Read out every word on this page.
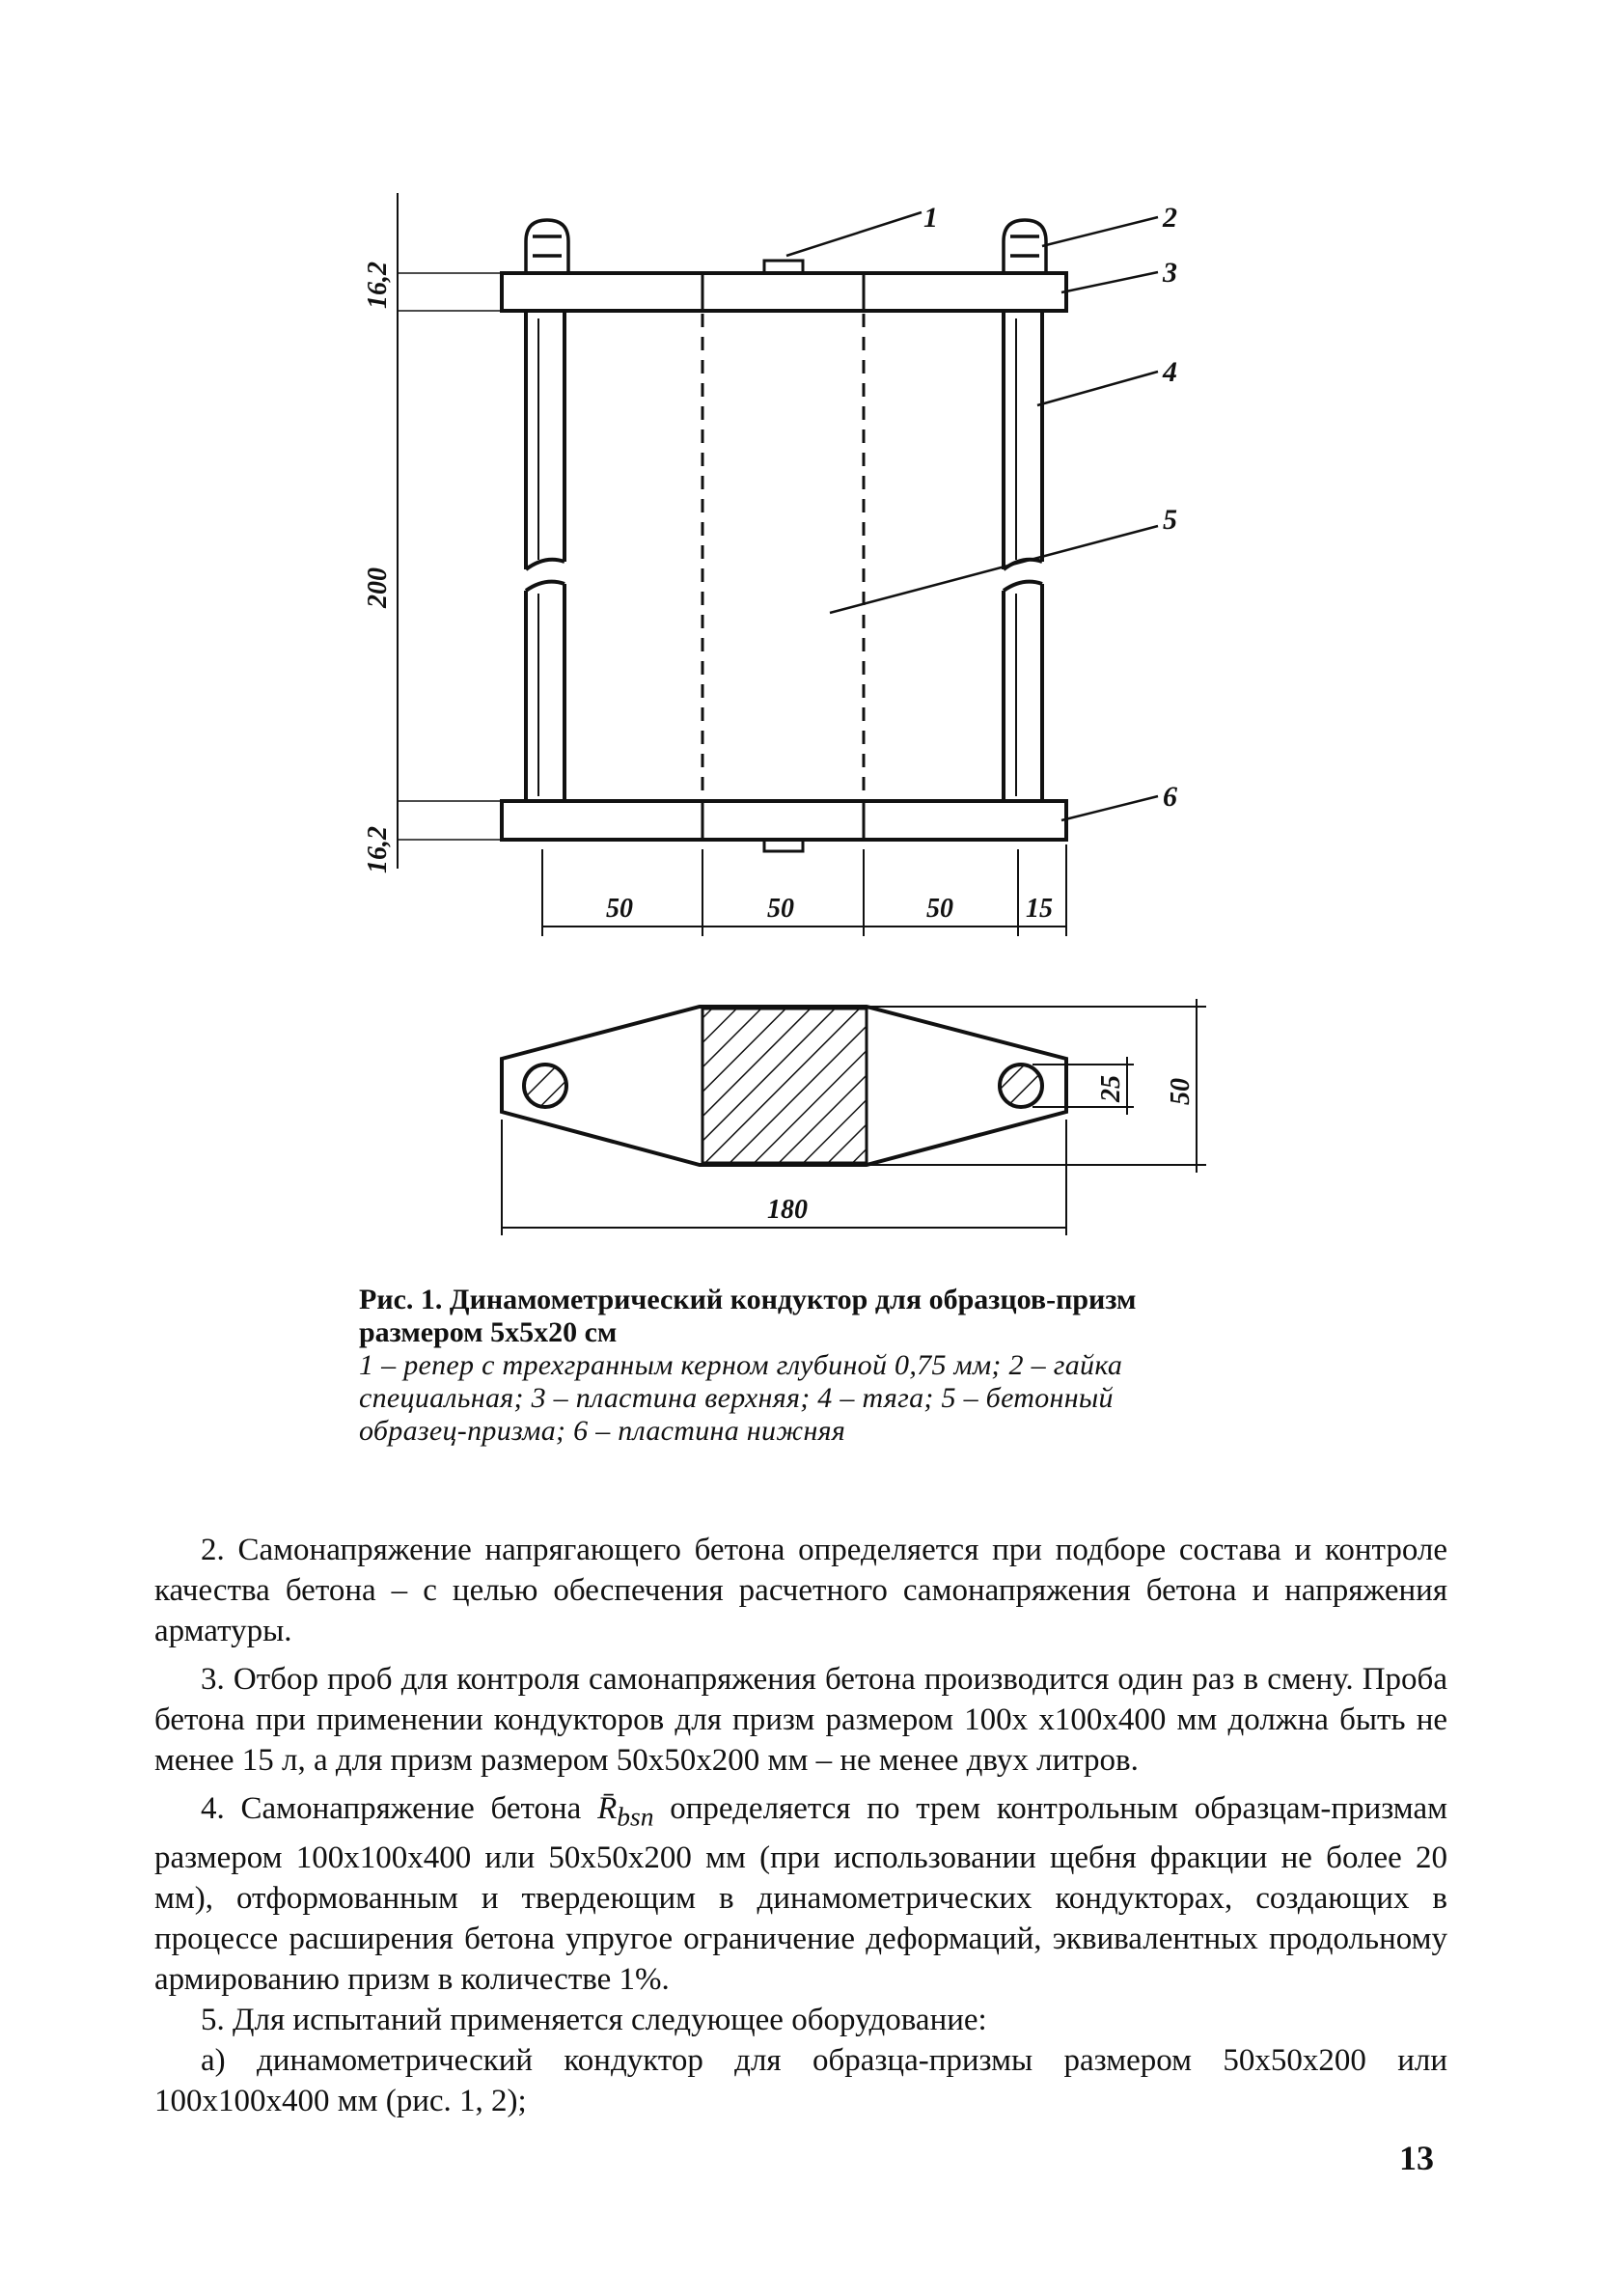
16,2
200
16,2
50	50	50	15
1	2
3
4
5
6
180
50
25
Рис. 1. Динамометрический кондуктор для образцов-призм размером 5х5х20 см
1 – репер с трехгранным керном глубиной 0,75 мм; 2 – гайка специальная; 3 – пластина верхняя; 4 – тяга; 5 – бетонный образец-призма; 6 – пластина нижняя

2. Самонапряжение напрягающего бетона определяется при подборе состава и контроле качества бетона – с целью обеспечения расчетного самонапряжения бетона и напряжения арматуры.

3. Отбор проб для контроля самонапряжения бетона производится один раз в смену. Проба бетона при применении кондукторов для призм размером 100х х100х400 мм должна быть не менее 15 л, а для призм размером 50х50х200 мм – не менее двух литров.

4. Самонапряжение бетона $R̄_{bsn}$ определяется по трем контрольным образцам-призмам размером 100х100х400 или 50х50х200 мм (при использовании щебня фракции не более 20 мм), отформованным и твердеющим в динамометрических кондукторах, создающих в процессе расширения бетона упругое ограничение деформаций, эквивалентных продольному армированию призм в количестве 1%.

5. Для испытаний применяется следующее оборудование:

а) динамометрический кондуктор для образца-призмы размером 50х50х200 или 100х100х400 мм (рис. 1, 2);

13
